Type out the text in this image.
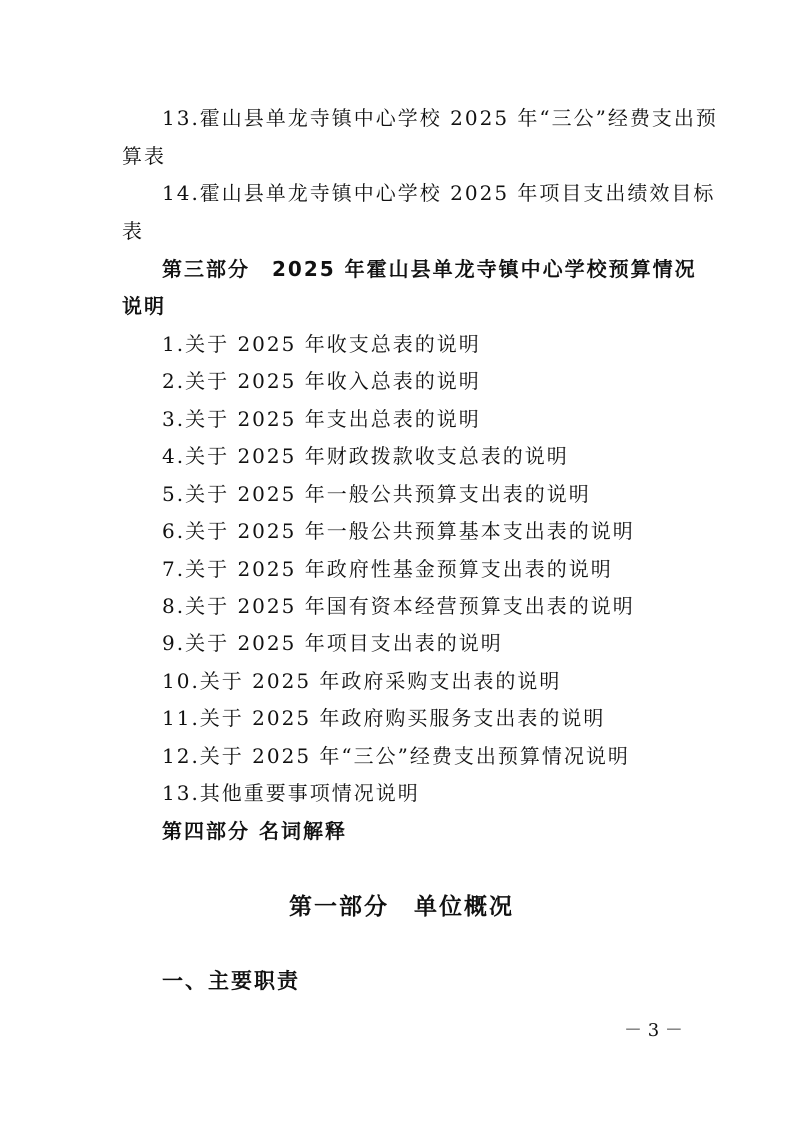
13.霍山县单龙寺镇中心学校 2025 年“三公”经费支出预
算表
14.霍山县单龙寺镇中心学校 2025 年项目支出绩效目标
表
第三部分　2025 年霍山县单龙寺镇中心学校预算情况
说明
1.关于 2025 年收支总表的说明
2.关于 2025 年收入总表的说明
3.关于 2025 年支出总表的说明
4.关于 2025 年财政拨款收支总表的说明
5.关于 2025 年一般公共预算支出表的说明
6.关于 2025 年一般公共预算基本支出表的说明
7.关于 2025 年政府性基金预算支出表的说明
8.关于 2025 年国有资本经营预算支出表的说明
9.关于 2025 年项目支出表的说明
10.关于 2025 年政府采购支出表的说明
11.关于 2025 年政府购买服务支出表的说明
12.关于 2025 年“三公”经费支出预算情况说明
13.其他重要事项情况说明
第四部分 名词解释
第一部分　单位概况
一、主要职责
－ 3 －
